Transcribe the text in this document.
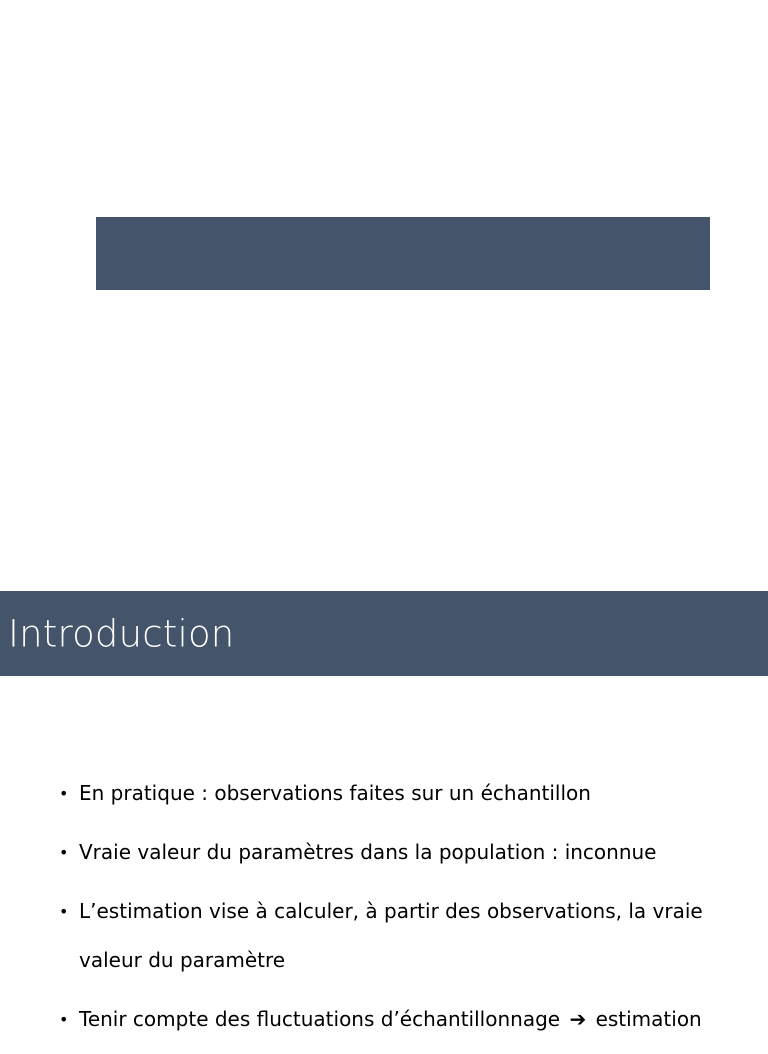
Introduction
• En pratique : observations faites sur un échantillon
• Vraie valeur du paramètres dans la population : inconnue
• L’estimation vise à calculer, à partir des observations, la vraie valeur du paramètre
• Tenir compte des fluctuations d’échantillonnage ➔ estimation
